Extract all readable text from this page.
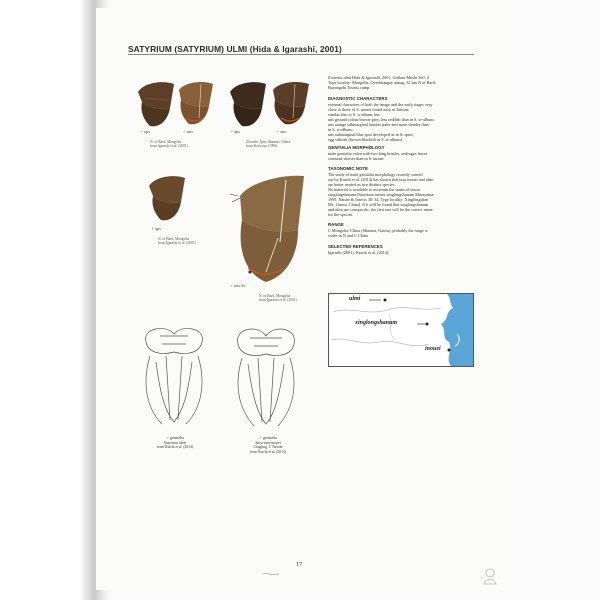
SATYRIUM (SATYRIUM) ULMI (Hida & Igarashi, 2001)
♂ ups	♂ uns	♂ ups	♂ uns
N. of Bard, Mongolia
from Igarashi et al. (2001)
Zhouzhi, Qim, Shaanxi, China
from Koiwaya (1996)
♀ ups
N. of Bard, Mongolia
from Igarashi et al. (2001)
♂ uns 2x
N. of Bard, Mongolia
from Igarashi et al. (2001)
♂ genitalia
Satyrium ulmi
from Kiachi et al. (2014)
♂ genitalia
Satyrium inouei
Cingqing, C Taiwan
from Kiachi et al. (2014)
Fixsenia ulmi Hida & Igarashi, 2001, Gekkan-Mushi 360: 2
Type locality: Mongolia, Overkhangay aimag, 32 km N of Bard,
Bayangobi Tourist camp
DIAGNOSTIC CHARACTERS
external characters of both the image and the early stages very
close to those of S. inouei found only in Taiwan;
similar also to S. w-album, but:
uns ground colour brown-grey, less reddish than in S. w-album;
uns orange submarginal lunules paler and more slender than
in S. w-album;
uns submarginal blue spot developed as in S. spini;
egg whitish (brown-blackish in S. w-album)
GENITALIA MORPHOLOGY
male genitalia valva with two long bristles, aedeagus lower
cornutus shorter than in S. inouei
TAXONOMIC NOTE
The study of male genitalia morphology recently carried
out by Kiachi et al. (2014) has shown that taxa inouei and ulmi
are better treated as two distinct species.
No material is available to ascertain the status of taxon
xinglongshanum [Satyrium inouei xinglongshanum Murayama,
1995, Nature & Insects 30: 34, Type locality: Xinglongshan
Mt., Gansu, China]. If it will be found that xinglongshanum
and ulmi are conspecific, the first one will be the correct name
for the species.
RANGE
C Mongolia, China (Shaanxi, Gansu), probably the range is
wider in N and C China
SELECTED REFERENCES
Igarashi (2001), Kiachi et al. (2014)
ulmi
xinglongshanum
inouei
17
